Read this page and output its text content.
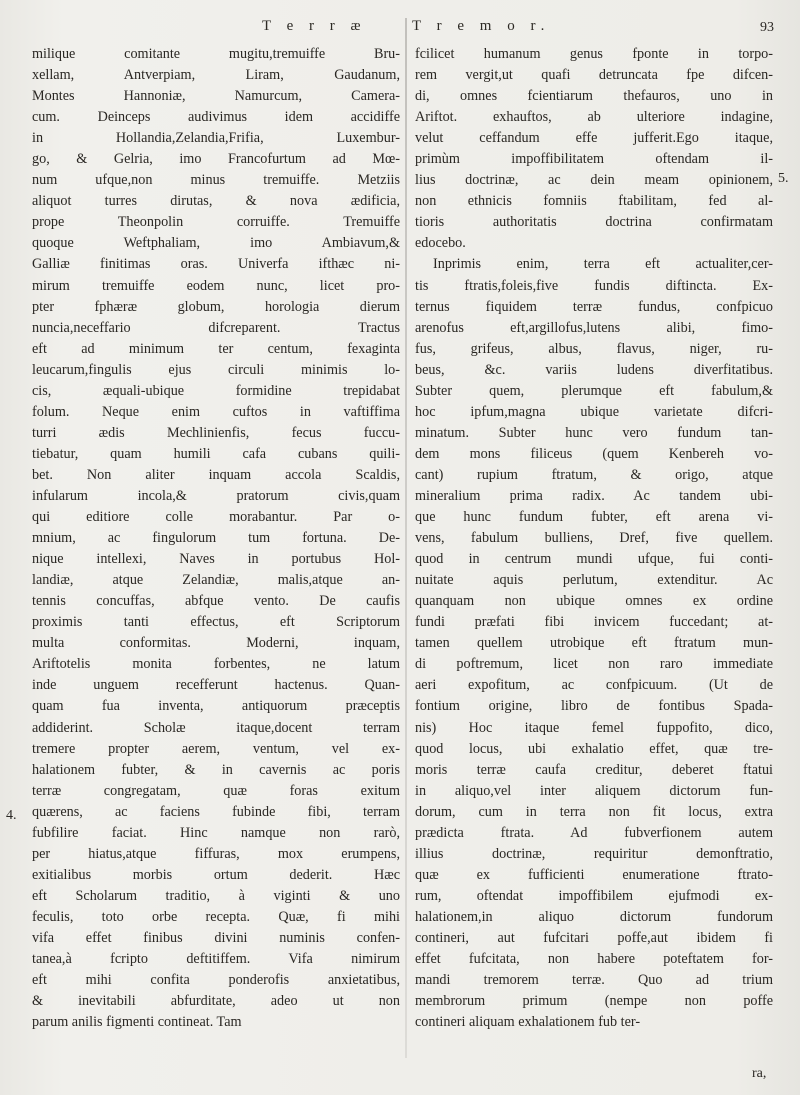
T e r r æ	T r e m o r.	93
milique comitante mugitu,tremuiffe Bru-
xellam, Antverpiam, Liram, Gaudanum,
Montes Hannoniæ, Namurcum, Camera-
cum. Deinceps audivimus idem accidiffe
in Hollandia,Zelandia,Frifia, Luxembur-
go, & Gelria, imo Francofurtum ad Mœ-
num ufque,non minus tremuiffe. Metziis
aliquot turres dirutas, & nova ædificia,
prope Theonpolin corruiffe. Tremuiffe
quoque Weftphaliam, imo Ambiavum,&
Galliæ finitimas oras. Univerfa ifthæc ni-
mirum tremuiffe eodem nunc, licet pro-
pter fphæræ globum, horologia dierum
nuncia,neceffario difcreparent. Tractus
eft ad minimum ter centum, fexaginta
leucarum,fingulis ejus circuli minimis lo-
cis, æquali-ubique formidine trepidabat
folum. Neque enim cuftos in vaftiffima
turri ædis Mechlinienfis, fecus fuccu-
tiebatur, quam humili cafa cubans quili-
bet. Non aliter inquam accola Scaldis,
infularum incola,& pratorum civis,quam
qui editiore colle morabantur. Par o-
mnium, ac fingulorum tum fortuna. De-
nique intellexi, Naves in portubus Hol-
landiæ, atque Zelandiæ, malis,atque an-
tennis concuffas, abfque vento. De caufis
proximis tanti effectus, eft Scriptorum
multa conformitas. Moderni, inquam,
Ariftotelis monita forbentes, ne latum
inde unguem recefferunt hactenus. Quan-
quam fua inventa, antiquorum præceptis
addiderint. Scholæ itaque,docent terram
tremere propter aerem, ventum, vel ex-
halationem fubter, & in cavernis ac poris
terræ congregatam, quæ foras exitum
quærens, ac faciens fubinde fibi, terram
fubfilire faciat. Hinc namque non rarò,
per hiatus,atque fiffuras, mox erumpens,
exitialibus morbis ortum dederit. Hæc
eft Scholarum traditio, à viginti & uno
feculis, toto orbe recepta. Quæ, fi mihi
vifa effet finibus divini numinis confen-
tanea,à fcripto deftitiffem. Vifa nimirum
eft mihi confita ponderofis anxietatibus,
& inevitabili abfurditate, adeo ut non
parum anilis figmenti contineat. Tam
fcilicet humanum genus fponte in torpo-
rem vergit,ut quafi detruncata fpe difcen-
di, omnes fcientiarum thefauros, uno in
Ariftot. exhauftos, ab ulteriore indagine,
velut ceffandum effe jufferit.Ego itaque,
primùm impoffibilitatem oftendam il-
lius doctrinæ, ac dein meam opinionem,
non ethnicis fomniis ftabilitam, fed al-
tioris authoritatis doctrina confirmatam
edocebo.
Inprimis enim, terra eft actualiter,cer-
tis ftratis,foleis,five fundis diftincta. Ex-
ternus fiquidem terræ fundus, confpicuo
arenofus eft,argillofus,lutens alibi, fimo-
fus, grifeus, albus, flavus, niger, ru-
beus, &c. variis ludens diverfitatibus.
Subter quem, plerumque eft fabulum,&
hoc ipfum,magna ubique varietate difcri-
minatum. Subter hunc vero fundum tan-
dem mons filiceus (quem Kenbereh vo-
cant) rupium ftratum, & origo, atque
mineralium prima radix. Ac tandem ubi-
que hunc fundum fubter, eft arena vi-
vens, fabulum bulliens, Dref, five quellem.
quod in centrum mundi ufque, fui conti-
nuitate aquis perlutum, extenditur. Ac
quanquam non ubique omnes ex ordine
fundi præfati fibi invicem fuccedant; at-
tamen quellem utrobique eft ftratum mun-
di poftremum, licet non raro immediate
aeri expofitum, ac confpicuum. (Ut de
fontium origine, libro de fontibus Spada-
nis) Hoc itaque femel fuppofito, dico,
quod locus, ubi exhalatio effet, quæ tre-
moris terræ caufa creditur, deberet ftatui
in aliquo,vel inter aliquem dictorum fun-
dorum, cum in terra non fit locus, extra
prædicta ftrata. Ad fubverfionem autem
illius doctrinæ, requiritur demonftratio,
quæ ex fufficienti enumeratione ftrato-
rum, oftendat impoffibilem ejufmodi ex-
halationem,in aliquo dictorum fundorum
contineri, aut fufcitari poffe,aut ibidem fi
effet fufcitata, non habere poteftatem for-
mandi tremorem terræ. Quo ad trium
membrorum primum (nempe non poffe
contineri aliquam exhalationem fub ter-
4.
5.
ra,
